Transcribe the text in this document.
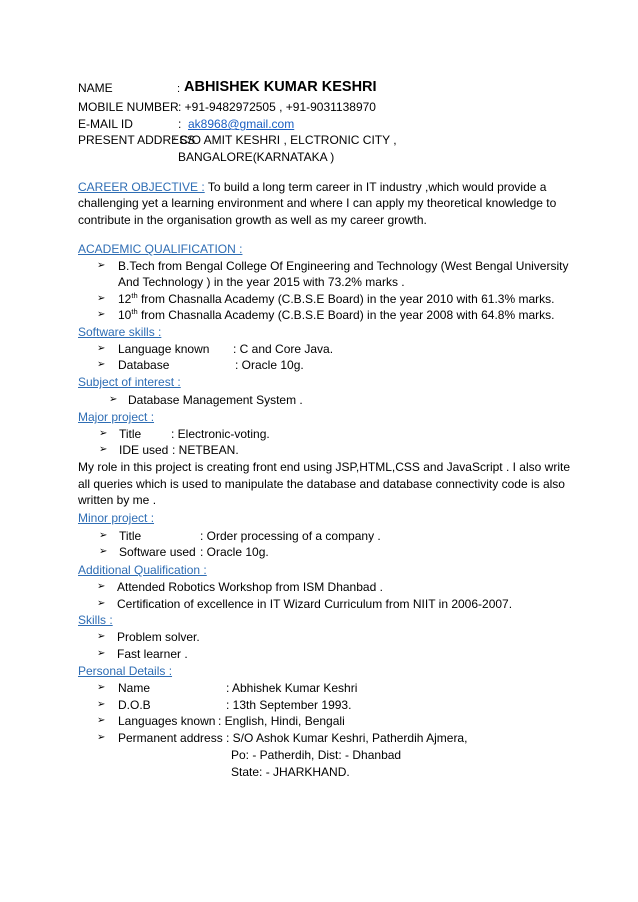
NAME	: ABHISHEK KUMAR KESHRI
MOBILE NUMBER : +91-9482972505 , +91-9031138970
E-MAIL ID	: ak8968@gmail.com
PRESENT ADDRESS
: C/O AMIT KESHRI , ELCTRONIC CITY ,
BANGALORE(KARNATAKA )
CAREER OBJECTIVE : To build a long term career in IT industry ,which would provide a
challenging yet a learning environment and where I can apply my theoretical knowledge to
contribute in the organisation growth as well as my career growth.
ACADEMIC QUALIFICATION :
➢ B.Tech from Bengal College Of Engineering and Technology (West Bengal University
And Technology ) in the year 2015 with 73.2% marks .
➢ 12th from Chasnalla Academy (C.B.S.E Board) in the year 2010 with 61.3% marks.
➢ 10th from Chasnalla Academy (C.B.S.E Board) in the year 2008 with 64.8% marks.
Software skills :
➢ Language known : C and Core Java.
➢ Database	: Oracle 10g.
Subject of interest :
➢ Database Management System .
Major project :
➢ Title : Electronic-voting.
➢ IDE used : NETBEAN.
My role in this project is creating front end using JSP,HTML,CSS and JavaScript . I also write
all queries which is used to manipulate the database and database connectivity code is also
written by me .
Minor project :
➢ Title	: Order processing of a company .
➢ Software used : Oracle 10g.
Additional Qualification :
➢ Attended Robotics Workshop from ISM Dhanbad .
➢ Certification of excellence in IT Wizard Curriculum from NIIT in 2006-2007.
Skills :
➢ Problem solver.
➢ Fast learner .
Personal Details :
➢ Name	: Abhishek Kumar Keshri
➢ D.O.B	: 13th September 1993.
➢ Languages known : English, Hindi, Bengali
➢ Permanent address : S/O Ashok Kumar Keshri, Patherdih Ajmera,
Po: - Patherdih, Dist: - Dhanbad
State: - JHARKHAND.
